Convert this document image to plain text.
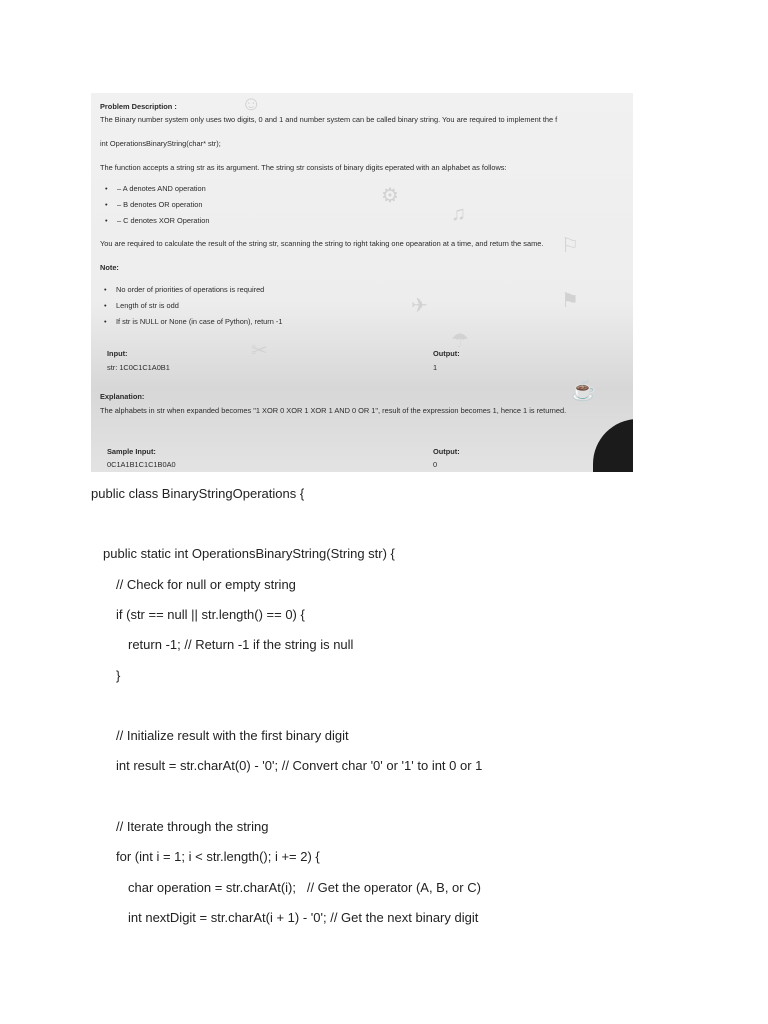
☺
⚙
♫
⚐
✈	⚑
✂	☂
☕
Problem Description :
The Binary number system only uses two digits, 0 and 1 and number system can be called binary string. You are required to implement the f
int OperationsBinaryString(char* str);
The function accepts a string str as its argument. The string str consists of binary digits eperated with an alphabet as follows:
• – A denotes AND operation
• – B denotes OR operation
• – C denotes XOR Operation
You are required to calculate the result of the string str, scanning the string to right taking one opearation at a time, and return the same.
Note:
• No order of priorities of operations is required
• Length of str is odd
• If str is NULL or None (in case of Python), return -1
Input:
str: 1C0C1C1A0B1
Output:
1
Explanation:
The alphabets in str when expanded becomes "1 XOR 0 XOR 1 XOR 1 AND 0 OR 1", result of the expression becomes 1, hence 1 is returned.
Sample Input:
0C1A1B1C1C1B0A0
Output:
0
public class BinaryStringOperations {
public static int OperationsBinaryString(String str) {
// Check for null or empty string
if (str == null || str.length() == 0) {
return -1; // Return -1 if the string is null
}
// Initialize result with the first binary digit
int result = str.charAt(0) - '0'; // Convert char '0' or '1' to int 0 or 1
// Iterate through the string
for (int i = 1; i < str.length(); i += 2) {
char operation = str.charAt(i);   // Get the operator (A, B, or C)
int nextDigit = str.charAt(i + 1) - '0'; // Get the next binary digit
